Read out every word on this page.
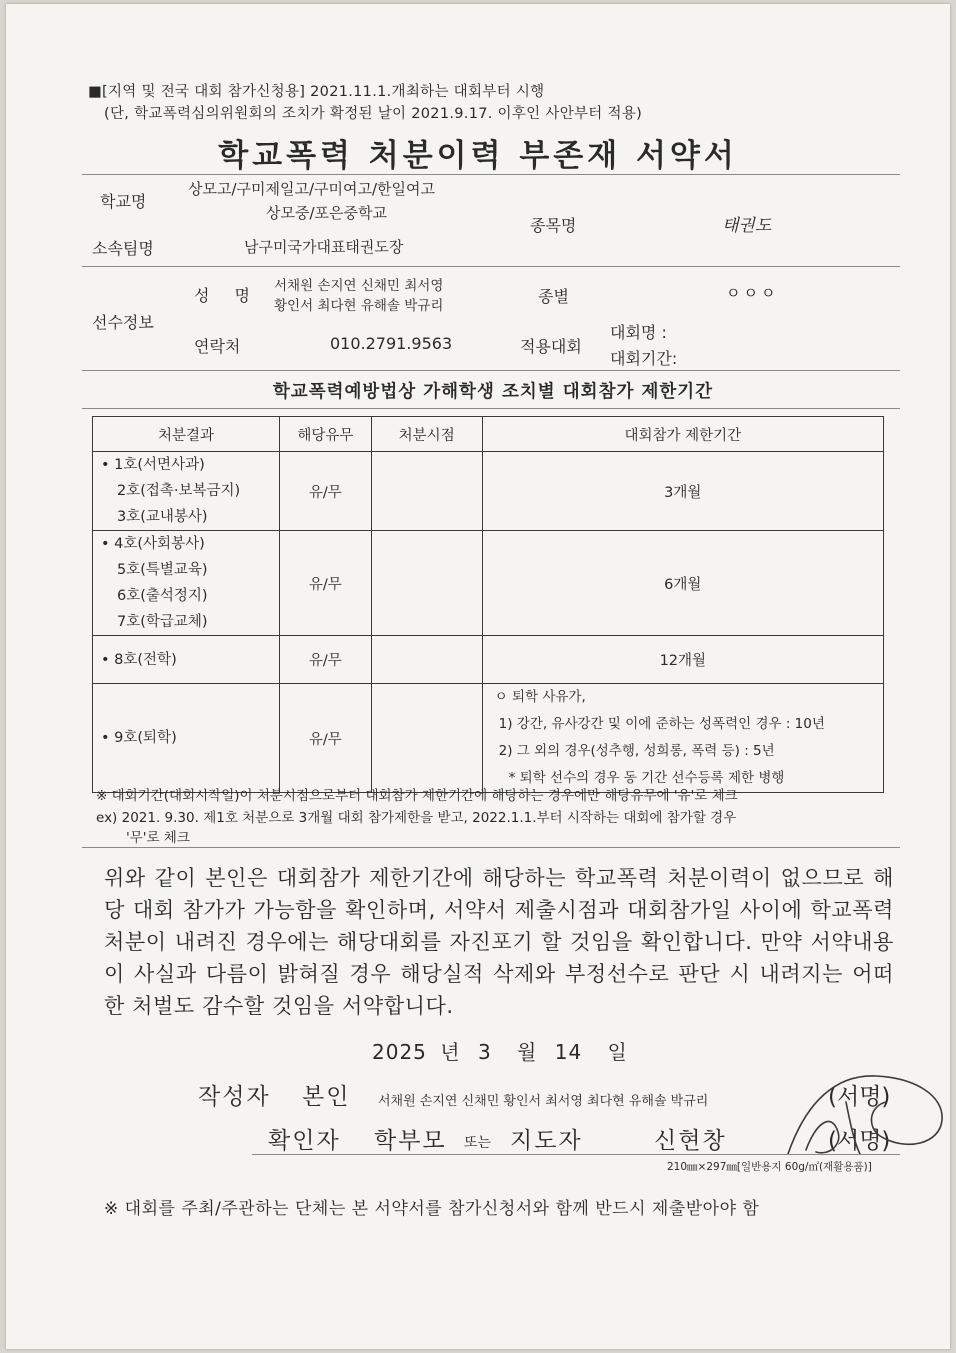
■[지역 및 전국 대회 참가신청용] 2021.11.1.개최하는 대회부터 시행
(단, 학교폭력심의위원회의 조치가 확정된 날이 2021.9.17. 이후인 사안부터 적용)
학교폭력 처분이력 부존재 서약서
학교명
상모고/구미제일고/구미여고/한일여고
상모중/포은중학교
종목명	태권도
소속팀명	남구미국가대표태권도장
선수정보
성 명 서채원 손지연 신채민 최서영
황인서 최다현 유해솔 박규리	종별	ㅇㅇㅇ
연락처	010.2791.9563	적용대회
대회명 :
대회기간:
학교폭력예방법상 가해학생 조치별 대회참가 제한기간
처분결과	해당유무	처분시점	대회참가 제한기간

• 1호(서면사과)
2호(접촉·보복금지)
3호(교내봉사)	유/무		3개월

• 4호(사회봉사)
5호(특별교육)
6호(출석정지)
7호(학급교체)	유/무		6개월

• 8호(전학)	유/무		12개월

• 9호(퇴학)	유/무		ㅇ 퇴학 사유가,
1) 강간, 유사강간 및 이에 준하는 성폭력인 경우 : 10년
2) 그 외의 경우(성추행, 성희롱, 폭력 등) : 5년
* 퇴학 선수의 경우 동 기간 선수등록 제한 병행
※ 대회기간(대회시작일)이 처분시점으로부터 대회참가 제한기간에 해당하는 경우에만 해당유무에 '유'로 체크
ex) 2021. 9.30. 제1호 처분으로 3개월 대회 참가제한을 받고, 2022.1.1.부터 시작하는 대회에 참가할 경우
'무'로 체크
위와 같이 본인은 대회참가 제한기간에 해당하는 학교폭력 처분이력이 없으므로 해당 대회 참가가 가능함을 확인하며, 서약서 제출시점과 대회참가일 사이에 학교폭력 처분이 내려진 경우에는 해당대회를 자진포기 할 것임을 확인합니다. 만약 서약내용이 사실과 다름이 밝혀질 경우 해당실적 삭제와 부정선수로 판단 시 내려지는 어떠한 처벌도 감수할 것임을 서약합니다.
2025 년 3 월 14 일
작성자 본인 서채원 손지연 신채민 황인서 최서영 최다현 유해솔 박규리	(서명)
확인자 학부모 또는 지도자	신현창	(서명)
210㎜×297㎜[일반용지 60g/㎡(재활용품)]
※ 대회를 주최/주관하는 단체는 본 서약서를 참가신청서와 함께 반드시 제출받아야 함
